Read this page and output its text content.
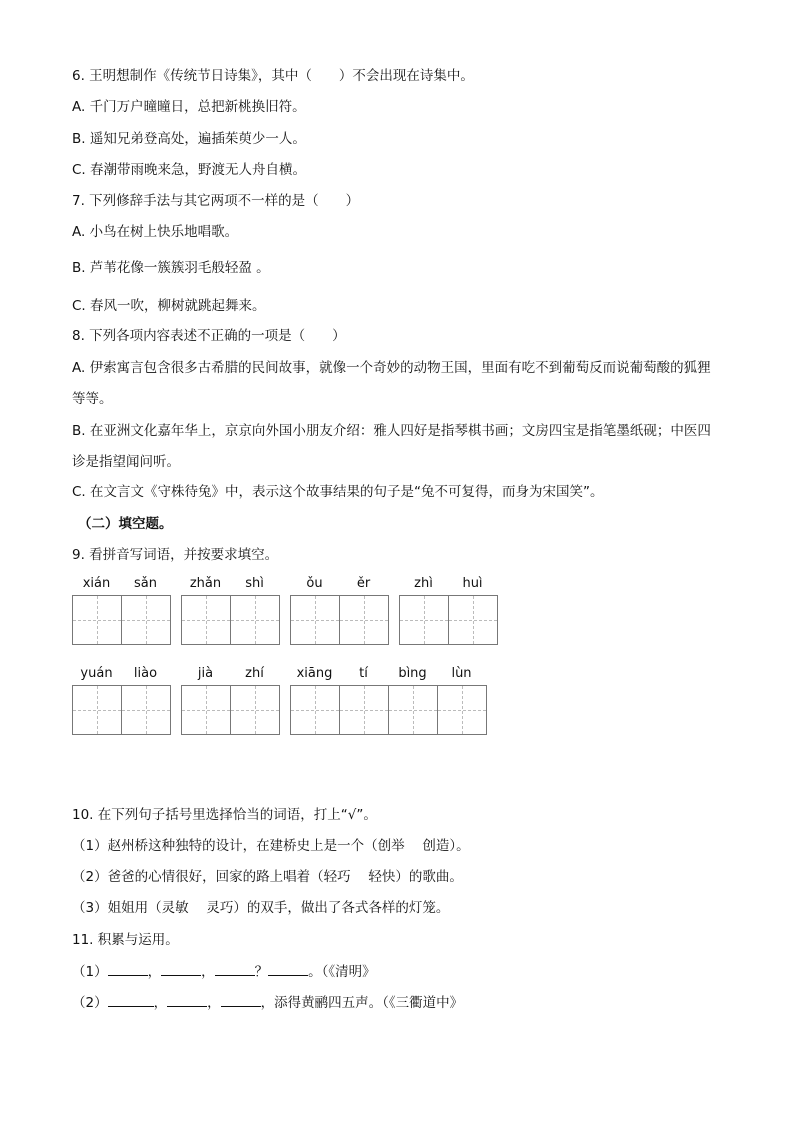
6. 王明想制作《传统节日诗集》，其中（　　）不会出现在诗集中。
A. 千门万户曈曈日，总把新桃换旧符。
B. 遥知兄弟登高处，遍插茱萸少一人。
C. 春潮带雨晚来急，野渡无人舟自横。
7. 下列修辞手法与其它两项不一样的是（　　）
A. 小鸟在树上快乐地唱歌。
B. 芦苇花像一簇簇羽毛般轻盈 。
C. 春风一吹，柳树就跳起舞来。
8. 下列各项内容表述不正确的一项是（　　）
A. 伊索寓言包含很多古希腊的民间故事，就像一个奇妙的动物王国，里面有吃不到葡萄反而说葡萄酸的狐狸等等。
B. 在亚洲文化嘉年华上，京京向外国小朋友介绍：雅人四好是指琴棋书画；文房四宝是指笔墨纸砚；中医四诊是指望闻问听。
C. 在文言文《守株待兔》中，表示这个故事结果的句子是“兔不可复得，而身为宋国笑”。
（二）填空题。
9. 看拼音写词语，并按要求填空。
xián	sǎn	zhǎn	shì	ǒu	ěr	zhì	huì
yuán	liào	jià	zhí	xiāng	tí	bìng	lùn
10. 在下列句子括号里选择恰当的词语，打上“√”。
（1）赵州桥这种独特的设计，在建桥史上是一个（创举　 创造）。
（2）爸爸的心情很好，回家的路上唱着（轻巧　 轻快）的歌曲。
（3）姐姐用（灵敏　 灵巧）的双手，做出了各式各样的灯笼。
11. 积累与运用。
（1）	，	，	？	。（《清明》
（2）	，	，	，添得黄鹂四五声。（《三衢道中》
